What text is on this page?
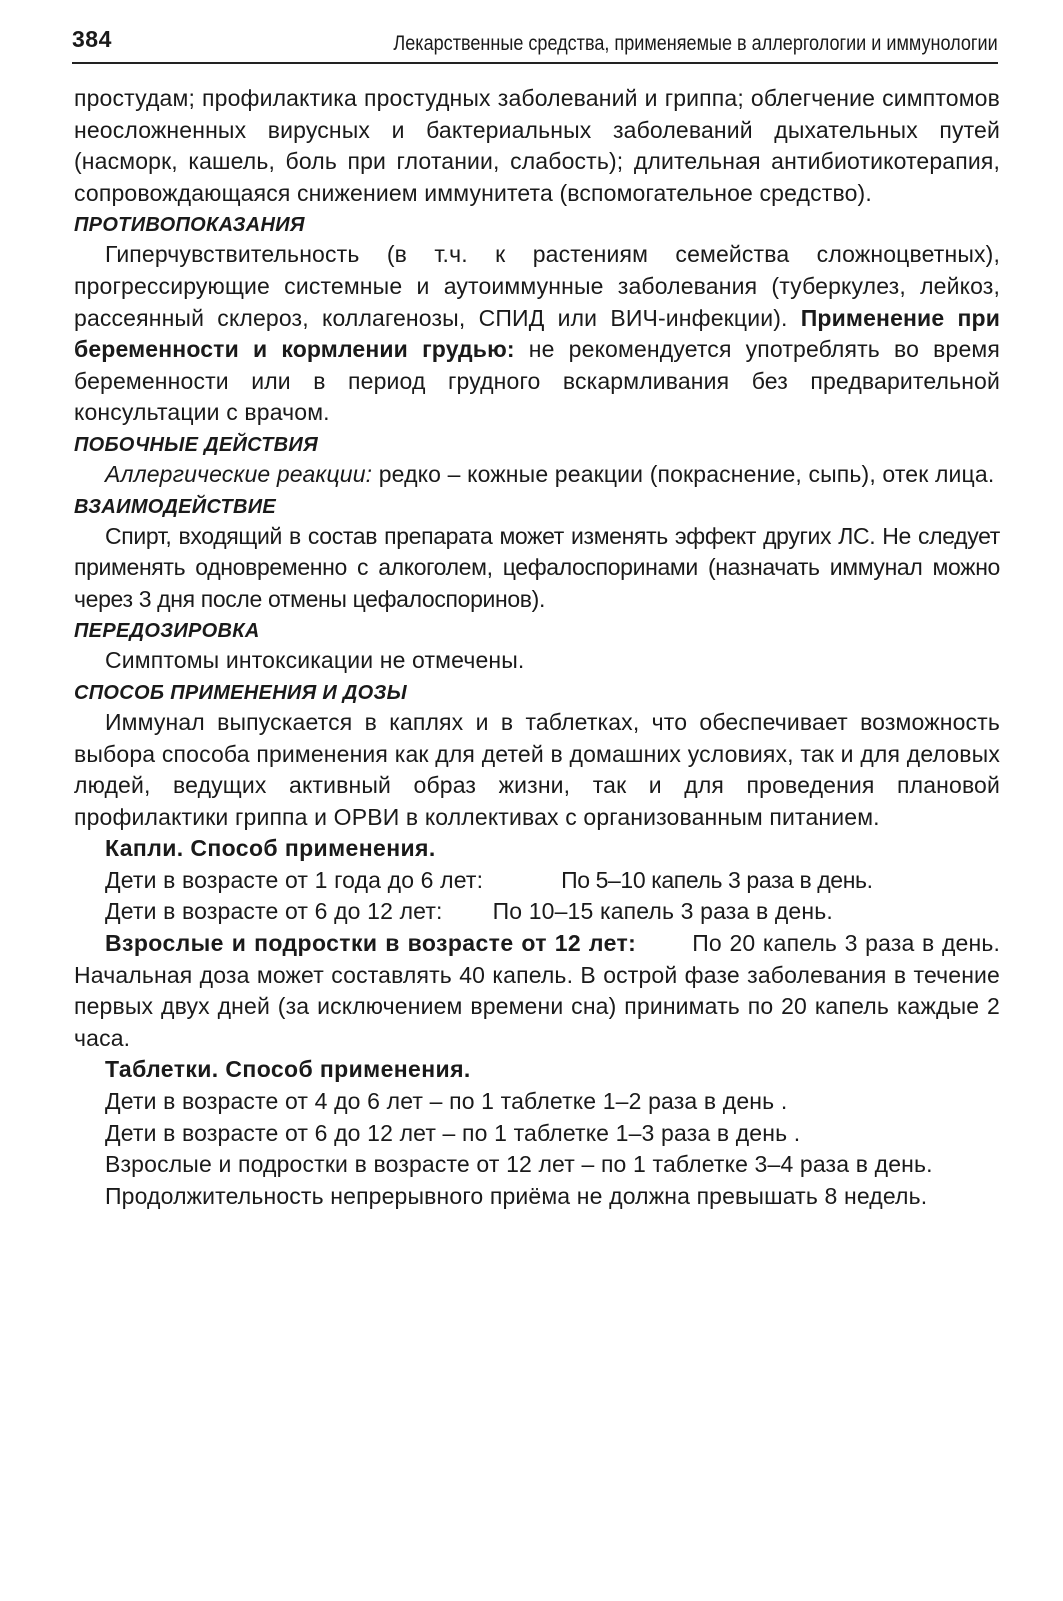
384	Лекарственные средства, применяемые в аллергологии и иммунологии

простудам; профилактика простудных заболеваний и гриппа; облегчение симптомов неосложненных вирусных и бактериальных заболеваний дыхательных путей (насморк, кашель, боль при глотании, слабость); длительная антибиотикотерапия, сопровождающаяся снижением иммунитета (вспомогательное средство).

ПРОТИВОПОКАЗАНИЯ

Гиперчувствительность (в т.ч. к растениям семейства сложноцветных), прогрессирующие системные и аутоиммунные заболевания (туберкулез, лейкоз, рассеянный склероз, коллагенозы, СПИД или ВИЧ-инфекции). Применение при беременности и кормлении грудью: не рекомендуется употреблять во время беременности или в период грудного вскармливания без предварительной консультации с врачом.

ПОБОЧНЫЕ ДЕЙСТВИЯ

Аллергические реакции: редко – кожные реакции (покраснение, сыпь), отек лица.

ВЗАИМОДЕЙСТВИЕ

Спирт, входящий в состав препарата может изменять эффект других ЛС. Не следует применять одновременно с алкоголем, цефалоспоринами (назначать иммунал можно через 3 дня после отмены цефалоспоринов).

ПЕРЕДОЗИРОВКА

Симптомы интоксикации не отмечены.

СПОСОБ ПРИМЕНЕНИЯ И ДОЗЫ

Иммунал выпускается в каплях и в таблетках, что обеспечивает возможность выбора способа применения как для детей в домашних условиях, так и для деловых людей, ведущих активный образ жизни, так и для проведения плановой профилактики гриппа и ОРВИ в коллективах с организованным питанием.

Капли. Способ применения.

Дети в возрасте от 1 года до 6 лет:	По 5–10 капель 3 раза в день.

Дети в возрасте от 6 до 12 лет: По 10–15 капель 3 раза в день.

Взрослые и подростки в возрасте от 12 лет: По 20 капель 3 раза в день. Начальная доза может составлять 40 капель. В острой фазе заболевания в течение первых двух дней (за исключением времени сна) принимать по 20 капель каждые 2 часа.

Таблетки. Способ применения.

Дети в возрасте от 4 до 6 лет – по 1 таблетке 1–2 раза в день .

Дети в возрасте от 6 до 12 лет – по 1 таблетке 1–3 раза в день .

Взрослые и подростки в возрасте от 12 лет – по 1 таблетке 3–4 раза в день.

Продолжительность непрерывного приёма не должна превышать 8 недель.
